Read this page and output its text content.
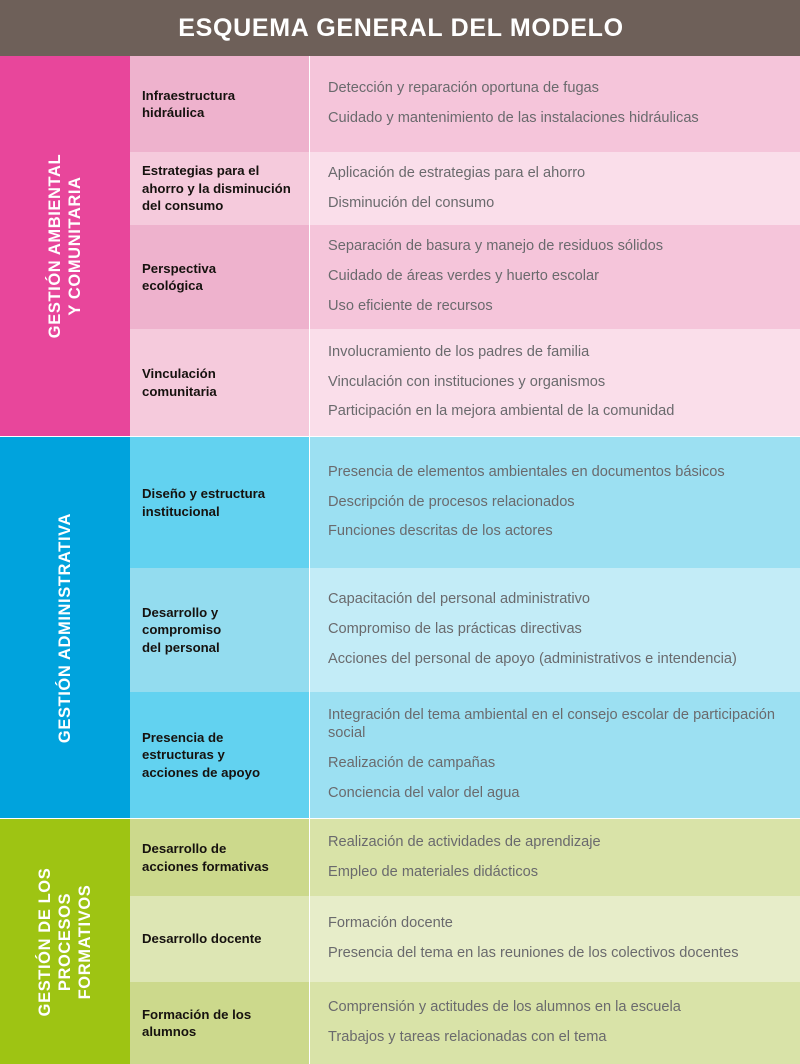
ESQUEMA GENERAL DEL MODELO
GESTIÓN AMBIENTAL Y COMUNITARIA
Infraestructura
hidráulica
Detección y reparación oportuna de fugas
Cuidado y mantenimiento de las instalaciones hidráulicas
Estrategias para el
ahorro y la disminución
del consumo
Aplicación de estrategias para el ahorro
Disminución del consumo
Perspectiva
ecológica
Separación de basura y manejo de residuos sólidos
Cuidado de áreas verdes y huerto escolar
Uso eficiente de recursos
Vinculación
comunitaria
Involucramiento de los padres de familia
Vinculación con instituciones y organismos
Participación en la mejora ambiental de la comunidad
GESTIÓN ADMINISTRATIVA
Diseño y estructura
institucional
Presencia de elementos ambientales en documentos básicos
Descripción de procesos relacionados
Funciones descritas de los actores
Desarrollo y
compromiso
del personal
Capacitación del personal administrativo
Compromiso de las prácticas directivas
Acciones del personal de apoyo (administrativos e intendencia)
Presencia de
estructuras y
acciones de apoyo
Integración del tema ambiental en el consejo escolar de participación social
Realización de campañas
Conciencia del valor del agua
GESTIÓN DE LOS PROCESOS FORMATIVOS
Desarrollo de
acciones formativas
Realización de actividades de aprendizaje
Empleo de materiales didácticos
Desarrollo docente
Formación docente
Presencia del tema en las reuniones de los colectivos docentes
Formación de los
alumnos
Comprensión y actitudes de los alumnos en la escuela
Trabajos y tareas relacionadas con el tema
